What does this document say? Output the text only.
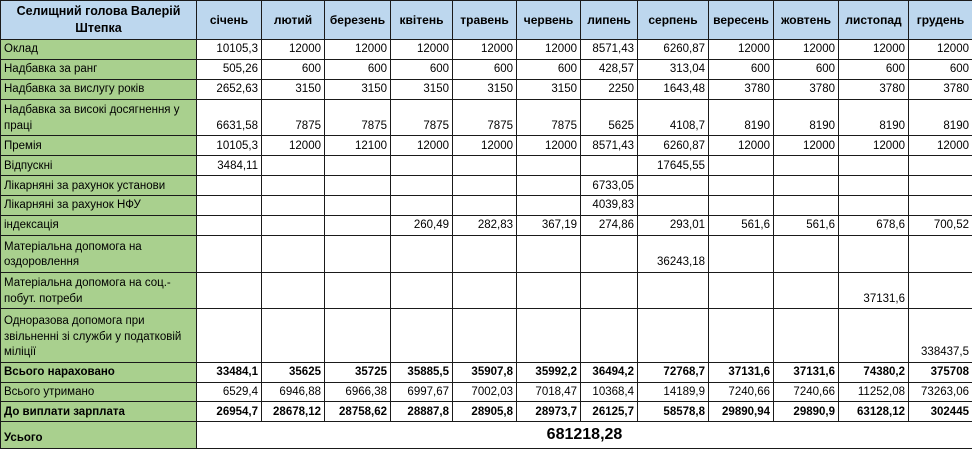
Селищний голова Валерій Штепка	січень	лютий	березень	квітень	травень	червень	липень	серпень	вересень	жовтень	листопад	грудень
Оклад	10105,3	12000	12000	12000	12000	12000	8571,43	6260,87	12000	12000	12000	12000
Надбавка за ранг	505,26	600	600	600	600	600	428,57	313,04	600	600	600	600
Надбавка за вислугу років	2652,63	3150	3150	3150	3150	3150	2250	1643,48	3780	3780	3780	3780
Надбавка за високі досягнення у праці	6631,58	7875	7875	7875	7875	7875	5625	4108,7	8190	8190	8190	8190
Премія	10105,3	12000	12100	12000	12000	12000	8571,43	6260,87	12000	12000	12000	12000
Відпускні	3484,11							17645,55				
Лікарняні за рахунок установи							6733,05					
Лікарняні за рахунок НФУ							4039,83					
індексація				260,49	282,83	367,19	274,86	293,01	561,6	561,6	678,6	700,52
Матеріальна допомога на оздоровлення								36243,18				
Матеріальна допомога на соц.-побут. потреби											37131,6	
Одноразова допомога при звільненні зі служби у податковій міліції												338437,5
Всього нараховано	33484,1	35625	35725	35885,5	35907,8	35992,2	36494,2	72768,7	37131,6	37131,6	74380,2	375708
Всього утримано	6529,4	6946,88	6966,38	6997,67	7002,03	7018,47	10368,4	14189,9	7240,66	7240,66	11252,08	73263,06
До виплати зарплата	26954,7	28678,12	28758,62	28887,8	28905,8	28973,7	26125,7	58578,8	29890,94	29890,9	63128,12	302445
Усього	681218,28											
